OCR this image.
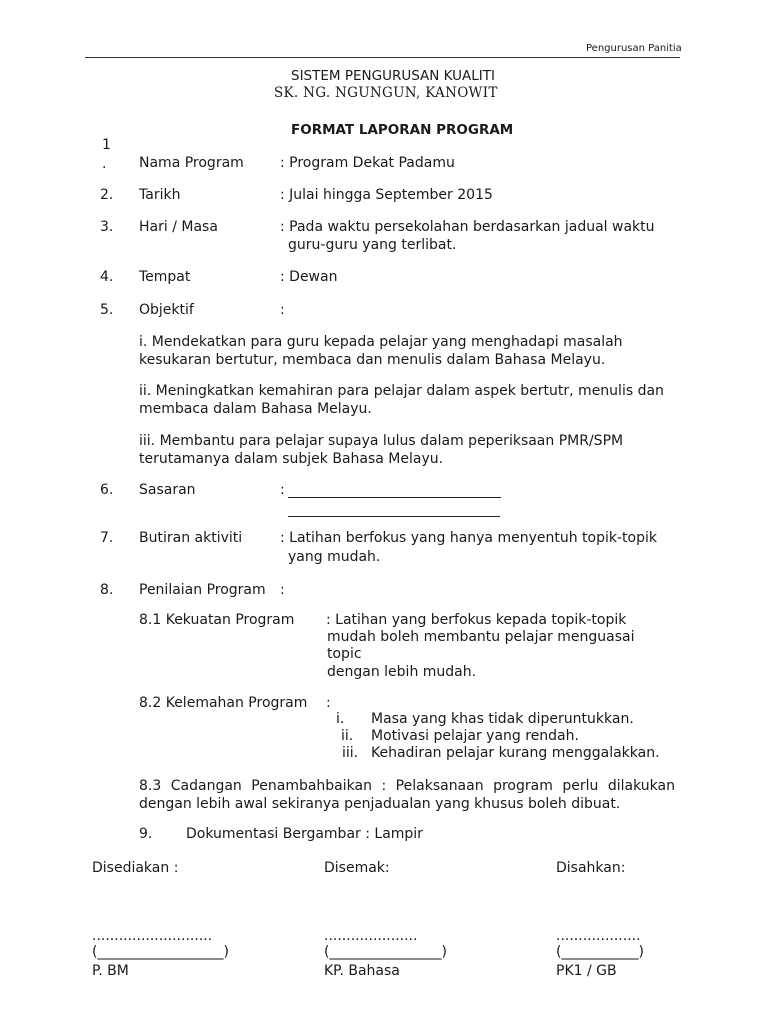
Pengurusan Panitia
SISTEM PENGURUSAN KUALITI
SK. NG. NGUNGUN, KANOWIT
FORMAT LAPORAN PROGRAM
1
. Nama Program	: Program Dekat Padamu
2. Tarikh	: Julai hingga September 2015
3. Hari / Masa	: Pada waktu persekolahan berdasarkan jadual waktu
guru-guru yang terlibat.
4. Tempat	: Dewan
5. Objektif	:
i. Mendekatkan para guru kepada pelajar yang menghadapi masalah
kesukaran bertutur, membaca dan menulis dalam Bahasa Melayu.
ii. Meningkatkan kemahiran para pelajar dalam aspek bertutr, menulis dan
membaca dalam Bahasa Melayu.
iii. Membantu para pelajar supaya lulus dalam peperiksaan PMR/SPM
terutamanya dalam subjek Bahasa Melayu.
6. Sasaran	:
7. Butiran aktiviti	: Latihan berfokus yang hanya menyentuh topik-topik
yang mudah.
8. Penilaian Program :
8.1 Kekuatan Program : Latihan yang berfokus kepada topik-topik
mudah boleh membantu pelajar menguasai
topic
dengan lebih mudah.
8.2 Kelemahan Program :
i. Masa yang khas tidak diperuntukkan.
ii. Motivasi pelajar yang rendah.
iii. Kehadiran pelajar kurang menggalakkan.
8.3 Cadangan Penambahbaikan : Pelaksanaan program perlu dilakukan
dengan lebih awal sekiranya penjadualan yang khusus boleh dibuat.
9. Dokumentasi Bergambar : Lampir
Disediakan :	Disemak:	Disahkan:
...........................	.....................	...................
(__________________)	(________________)	(___________)
P. BM	KP. Bahasa	PK1 / GB
